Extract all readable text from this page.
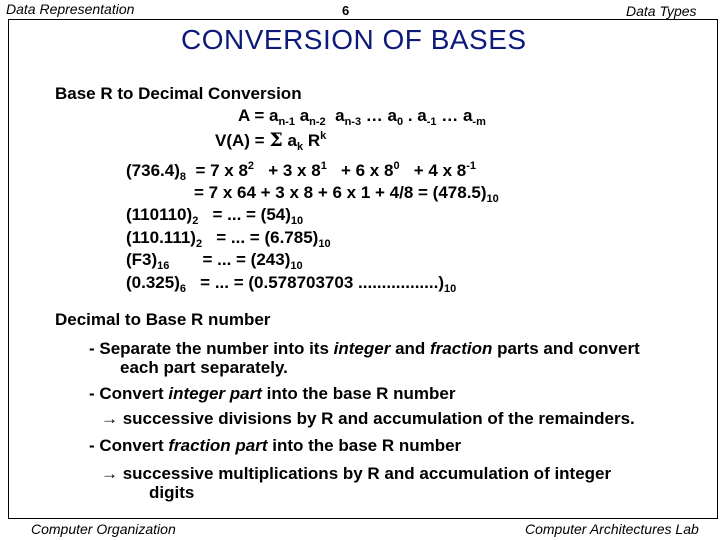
Data Representation	6	Data Types
CONVERSION OF BASES
Base R to Decimal Conversion
$A = a_{n-1}$ $a_{n-2}$  $a_{n-3}$ … $a_0$ . $a_{-1}$ … $a_{-m}$
V(A) = Σ $a_k$ $R^k$
$(736.4)_8 = 7$ x $8^2 + 3$ x $8^1 + 6$ x $8^0 + 4$ x $8^{-1}$
= 7 x 64 + 3 x 8 + 6 x $1 + 4/8 = (478.5)_{10}$
$(110110)_2$ = ... = $(54)_{10}$
$(110.111)_2$ = ... = $(6.785)_{10}$
$(F3)_{16}$ = ... = $(243)_{10}$
$(0.325)_6$ = ... = (0.578703703 $.................)_{10}$
Decimal to Base R number
- Separate the number into its integer and fraction parts and convert
each part separately.
- Convert integer part into the base R number
→ successive divisions by R and accumulation of the remainders.
- Convert fraction part into the base R number
→ successive multiplications by R and accumulation of integer
digits
Computer Organization	Computer Architectures Lab
